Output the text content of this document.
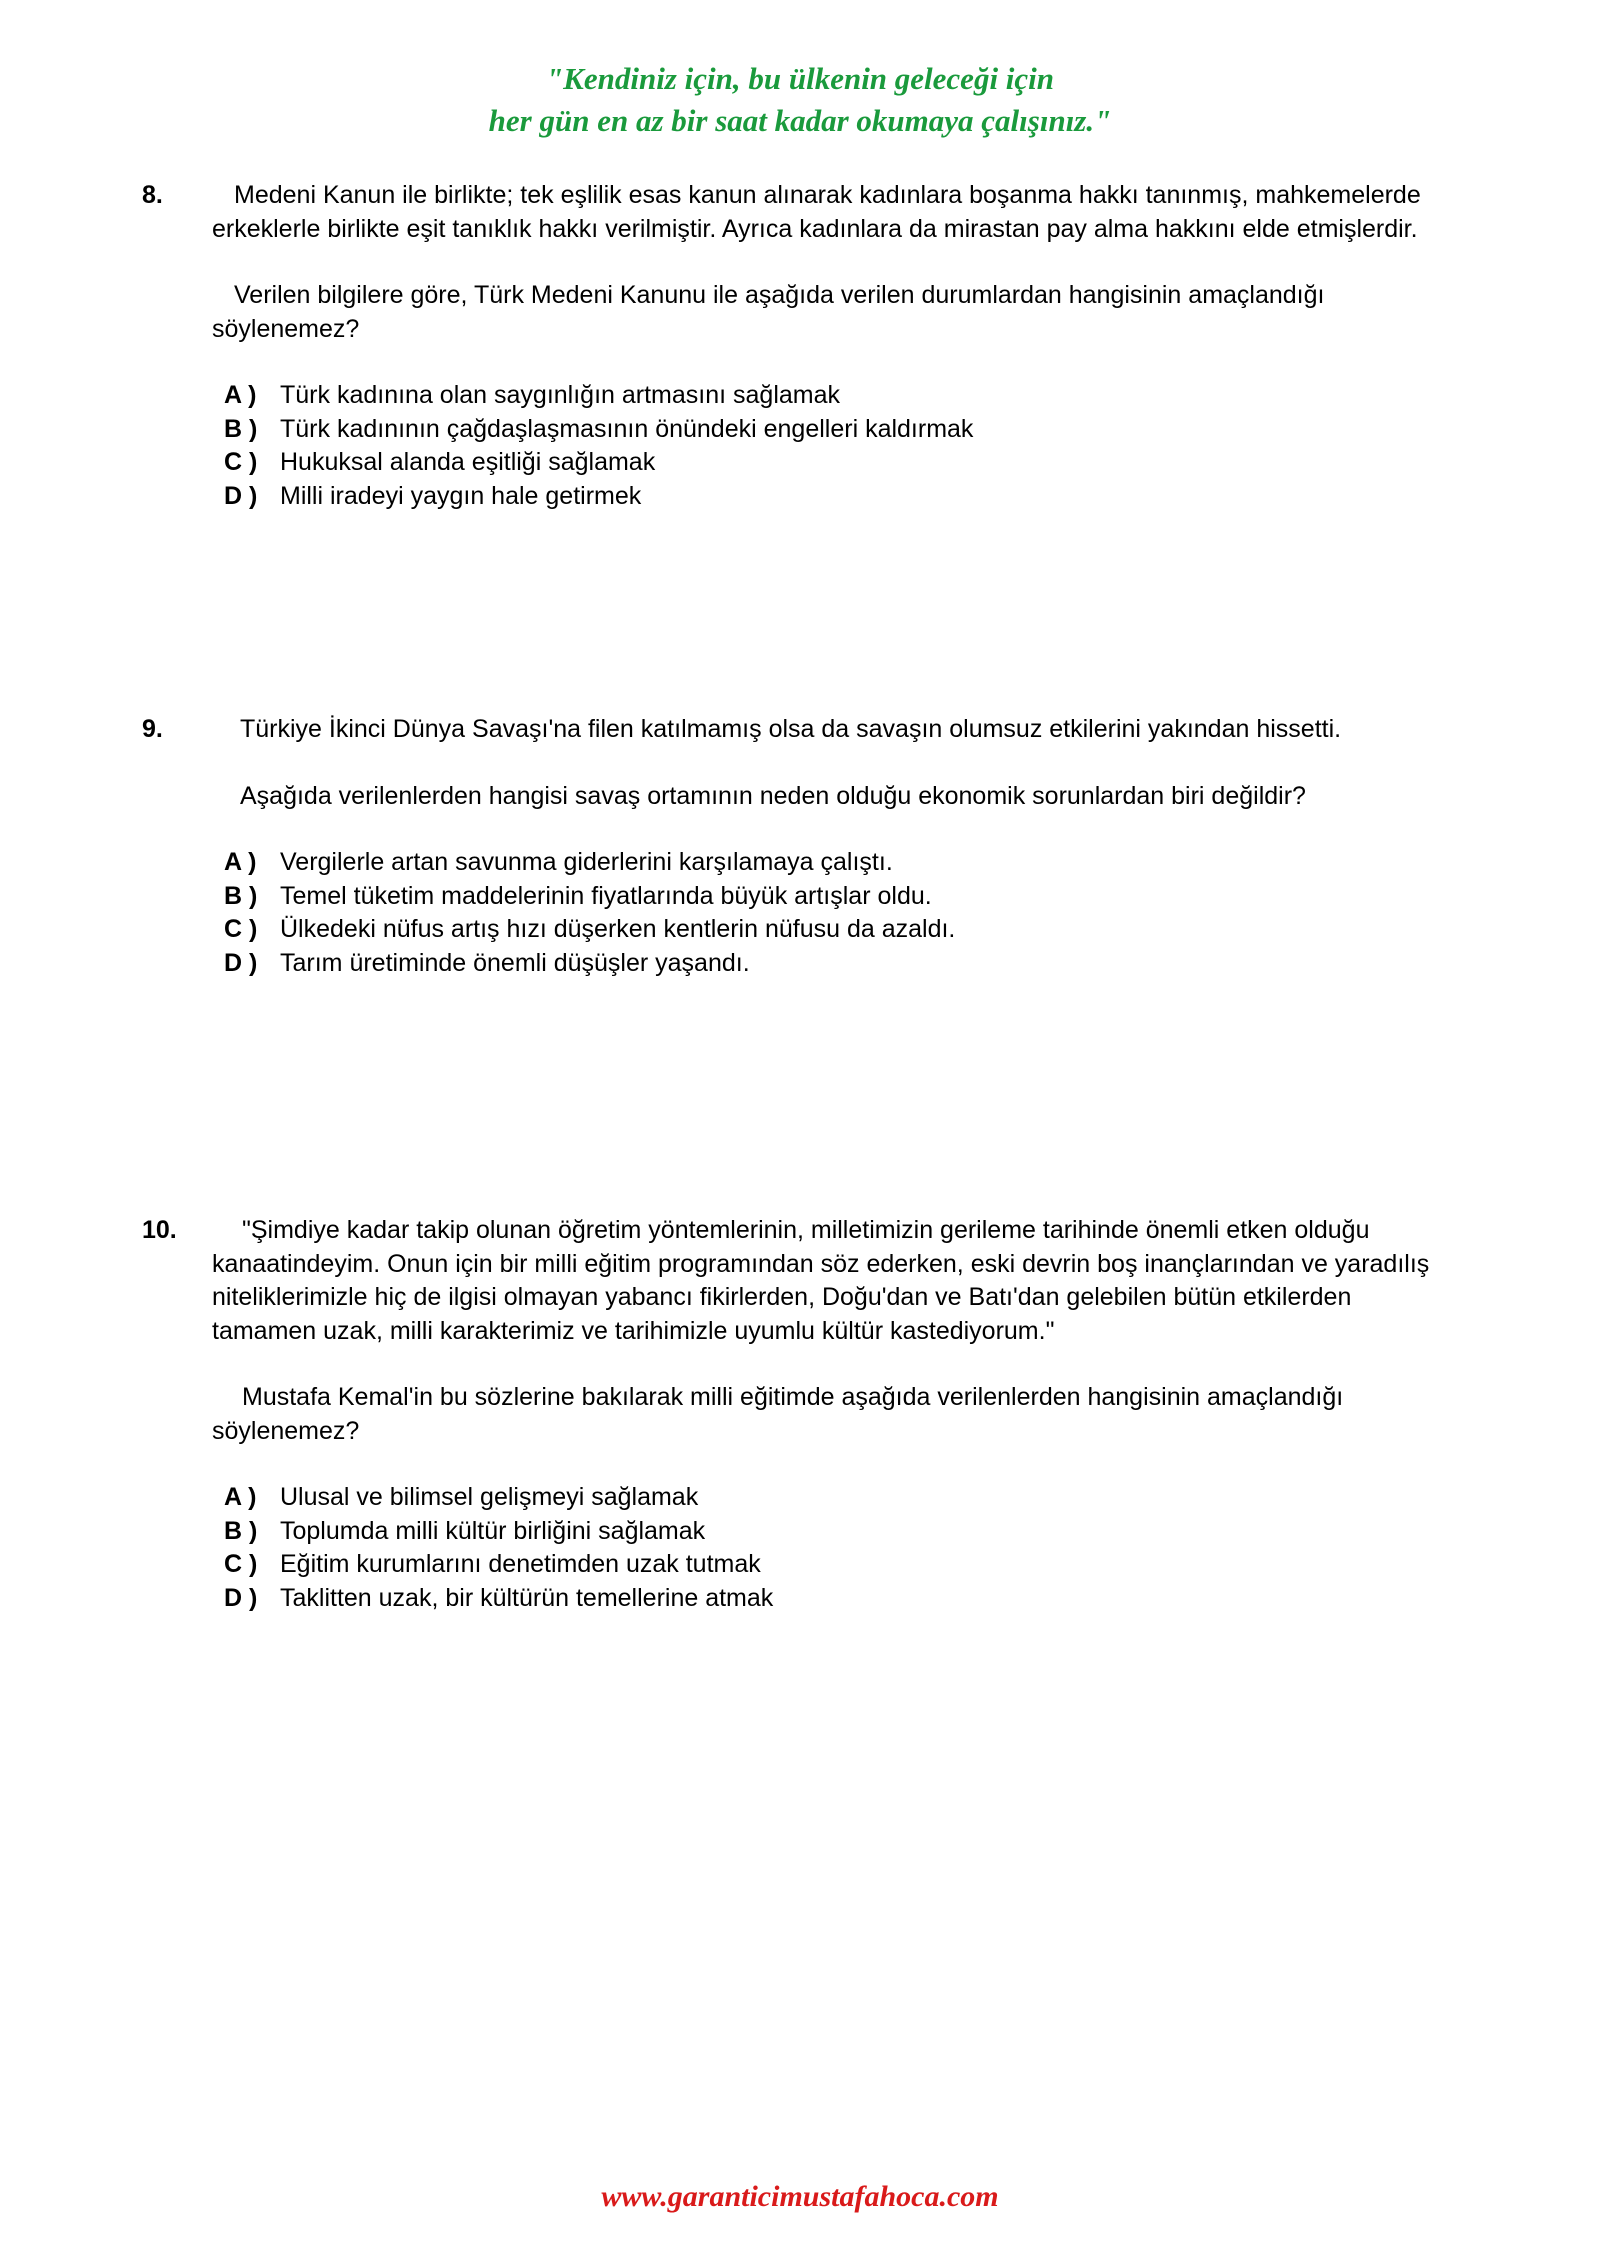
"Kendiniz için, bu ülkenin geleceği için
her gün en az bir saat kadar okumaya çalışınız."
8.	Medeni Kanun ile birlikte; tek eşlilik esas kanun alınarak kadınlara boşanma hakkı tanınmış, mahkemelerde erkeklerle birlikte eşit tanıklık hakkı verilmiştir. Ayrıca kadınlara da mirastan pay alma hakkını elde etmişlerdir.

Verilen bilgilere göre, Türk Medeni Kanunu ile aşağıda verilen durumlardan hangisinin amaçlandığı söylenemez?

A ) Türk kadınına olan saygınlığın artmasını sağlamak
B ) Türk kadınının çağdaşlaşmasının önündeki engelleri kaldırmak
C ) Hukuksal alanda eşitliği sağlamak
D ) Milli iradeyi yaygın hale getirmek
9.	Türkiye İkinci Dünya Savaşı'na filen katılmamış olsa da savaşın olumsuz etkilerini yakından hissetti.

Aşağıda verilenlerden hangisi savaş ortamının neden olduğu ekonomik sorunlardan biri değildir?

A ) Vergilerle artan savunma giderlerini karşılamaya çalıştı.
B ) Temel tüketim maddelerinin fiyatlarında büyük artışlar oldu.
C ) Ülkedeki nüfus artış hızı düşerken kentlerin nüfusu da azaldı.
D ) Tarım üretiminde önemli düşüşler yaşandı.
10.	"Şimdiye kadar takip olunan öğretim yöntemlerinin, milletimizin gerileme tarihinde önemli etken olduğu kanaatindeyim. Onun için bir milli eğitim programından söz ederken, eski devrin boş inançlarından ve yaradılış niteliklerimizle hiç de ilgisi olmayan yabancı fikirlerden, Doğu'dan ve Batı'dan gelebilen bütün etkilerden tamamen uzak, milli karakterimiz ve tarihimizle uyumlu kültür kastediyorum."

Mustafa Kemal'in bu sözlerine bakılarak milli eğitimde aşağıda verilenlerden hangisinin amaçlandığı söylenemez?

A ) Ulusal ve bilimsel gelişmeyi sağlamak
B ) Toplumda milli kültür birliğini sağlamak
C ) Eğitim kurumlarını denetimden uzak tutmak
D ) Taklitten uzak, bir kültürün temellerine atmak
www.garanticimustafahoca.com
